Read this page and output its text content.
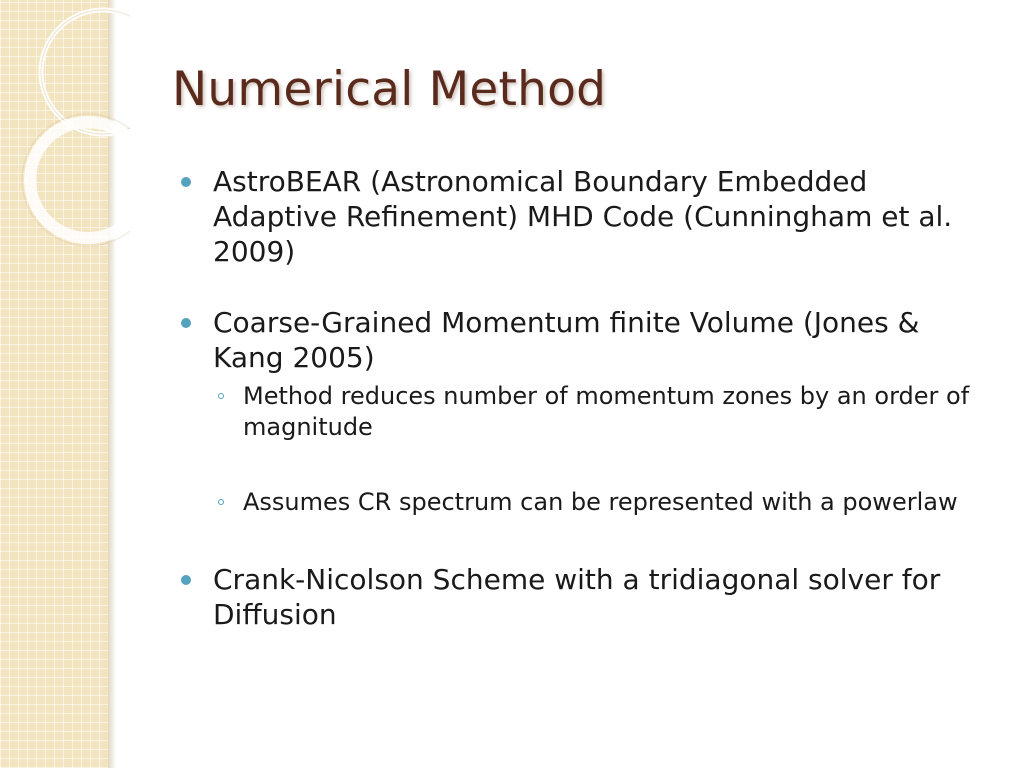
Numerical Method
AstroBEAR (Astronomical Boundary Embedded Adaptive Refinement) MHD Code (Cunningham et al. 2009)
Coarse-Grained Momentum finite Volume (Jones & Kang 2005)
Method reduces number of momentum zones by an order of magnitude
Assumes CR spectrum can be represented with a powerlaw
Crank-Nicolson Scheme with a tridiagonal solver for Diffusion
